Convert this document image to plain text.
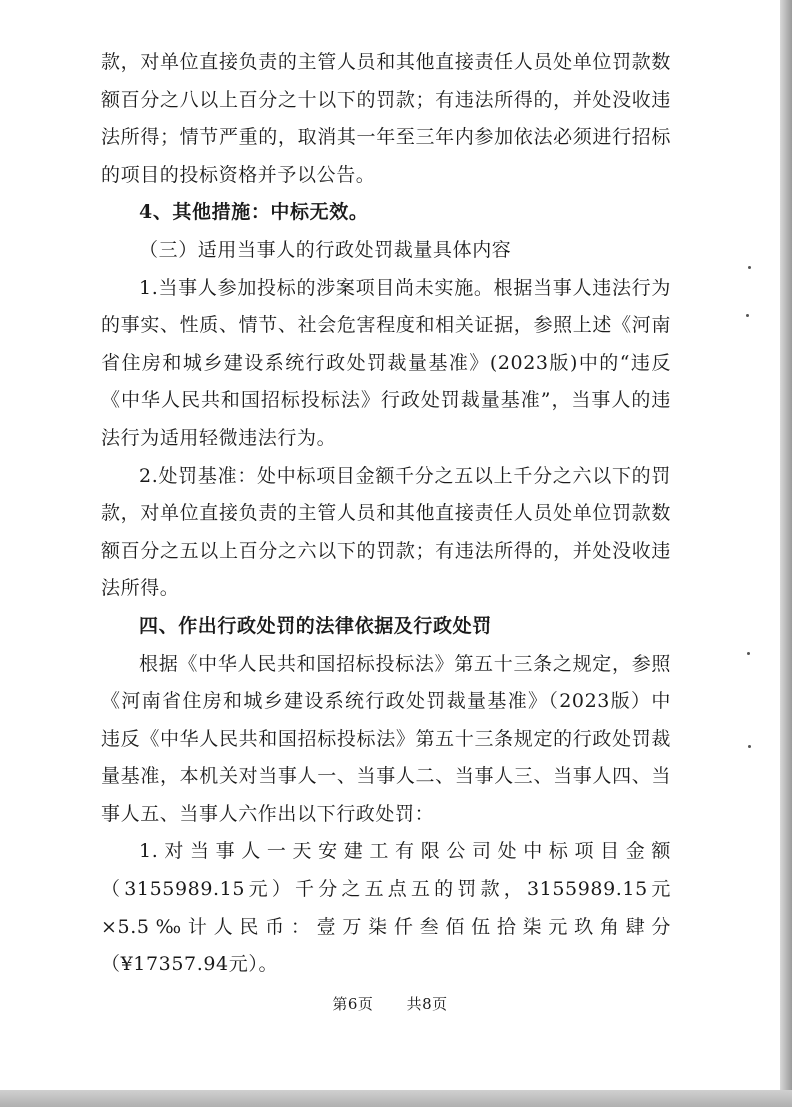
款，对单位直接负责的主管人员和其他直接责任人员处单位罚款数额百分之八以上百分之十以下的罚款；有违法所得的，并处没收违法所得；情节严重的，取消其一年至三年内参加依法必须进行招标的项目的投标资格并予以公告。

4、其他措施：中标无效。

（三）适用当事人的行政处罚裁量具体内容

1.当事人参加投标的涉案项目尚未实施。根据当事人违法行为的事实、性质、情节、社会危害程度和相关证据，参照上述《河南省住房和城乡建设系统行政处罚裁量基准》(2023版)中的“违反《中华人民共和国招标投标法》行政处罚裁量基准”，当事人的违法行为适用轻微违法行为。

2.处罚基准：处中标项目金额千分之五以上千分之六以下的罚款，对单位直接负责的主管人员和其他直接责任人员处单位罚款数额百分之五以上百分之六以下的罚款；有违法所得的，并处没收违法所得。

四、作出行政处罚的法律依据及行政处罚

根据《中华人民共和国招标投标法》第五十三条之规定，参照《河南省住房和城乡建设系统行政处罚裁量基准》（2023版）中违反《中华人民共和国招标投标法》第五十三条规定的行政处罚裁量基准，本机关对当事人一、当事人二、当事人三、当事人四、当事人五、当事人六作出以下行政处罚：

1.对当事人一天安建工有限公司处中标项目金额（3155989.15元）千分之五点五的罚款，3155989.15元×5.5‰计人民币：壹万柒仟叁佰伍拾柒元玖角肆分（¥17357.94元）。

第6页 共8页
